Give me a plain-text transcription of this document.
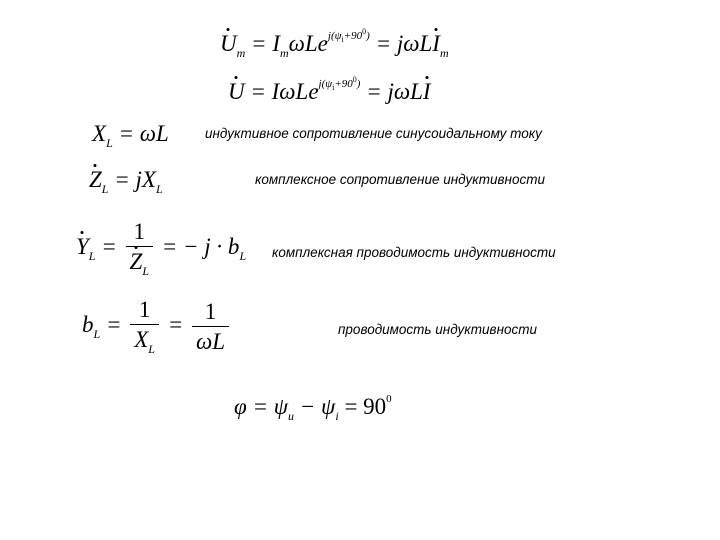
$U_m = I_m\omega Le^{j(\psi_i+90^0)} = j\omega LI_m$
U = IωLe$^{j(\psi_i+90^0)}$ = jωLI
$X_L = \omega L$	индуктивное сопротивление синусоидальному току
$Z_L = jX_L$
комплексное сопротивление индуктивности
$Y_L = \frac{1}{Z_L}$ = − $j \cdot b_L$ комплексная проводимость индуктивности
$b_L = \frac{1}{X_L} = \frac{1}{\omega L}$	проводимость индуктивности
$\varphi = \psi_u - \psi_i = 90^0$
